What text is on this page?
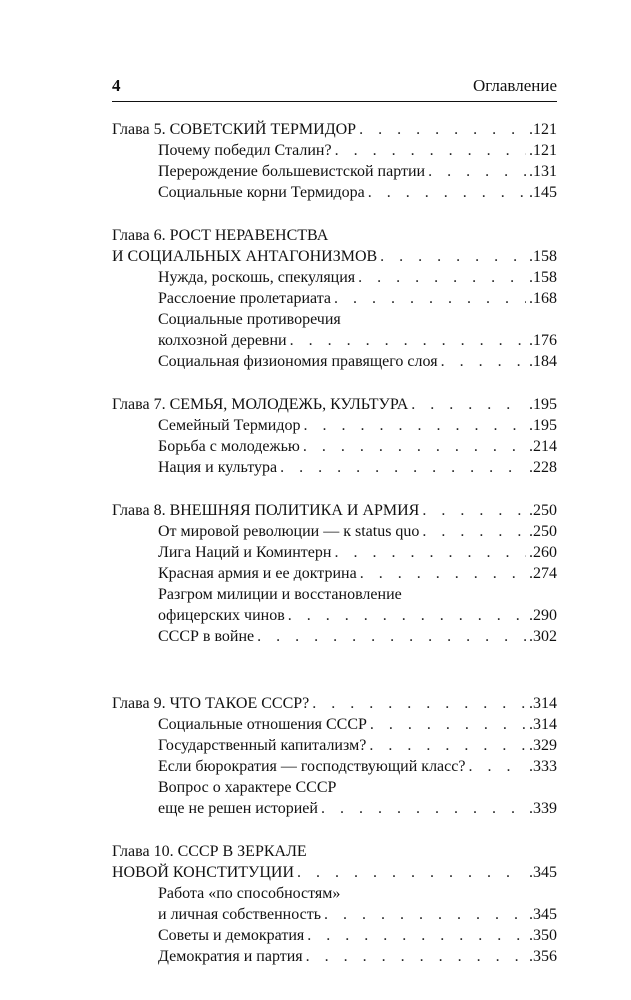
4	Оглавление
Глава 5. СОВЕТСКИЙ ТЕРМИДОР . . .	.121
Почему победил Сталин? . . .	.121
Перерождение большевистской партии . . .	.131
Социальные корни Термидора . . .	.145
Глава 6. РОСТ НЕРАВЕНСТВА
И СОЦИАЛЬНЫХ АНТАГОНИЗМОВ . . .	.158
Нужда, роскошь, спекуляция . . .	.158
Расслоение пролетариата . . .	.168
Социальные противоречия
колхозной деревни . . .	.176
Социальная физиономия правящего слоя . . .	.184
Глава 7. СЕМЬЯ, МОЛОДЕЖЬ, КУЛЬТУРА . . .	.195
Семейный Термидор . . .	.195
Борьба с молодежью . . .	.214
Нация и культура . . .	.228
Глава 8. ВНЕШНЯЯ ПОЛИТИКА И АРМИЯ . . .	.250
От мировой революции — к status quo . . .	.250
Лига Наций и Коминтерн . . .	.260
Красная армия и ее доктрина . . .	.274
Разгром милиции и восстановление
офицерских чинов . . .	.290
СССР в войне . . .	.302
Глава 9. ЧТО ТАКОЕ СССР? . . .	.314
Социальные отношения СССР . . .	.314
Государственный капитализм? . . .	.329
Если бюрократия — господствующий класс? . . .	.333
Вопрос о характере СССР
еще не решен историей . . .	.339
Глава 10. СССР В ЗЕРКАЛЕ
НОВОЙ КОНСТИТУЦИИ . . .	.345
Работа «по способностям»
и личная собственность . . .	.345
Советы и демократия . . .	.350
Демократия и партия . . .	.356
